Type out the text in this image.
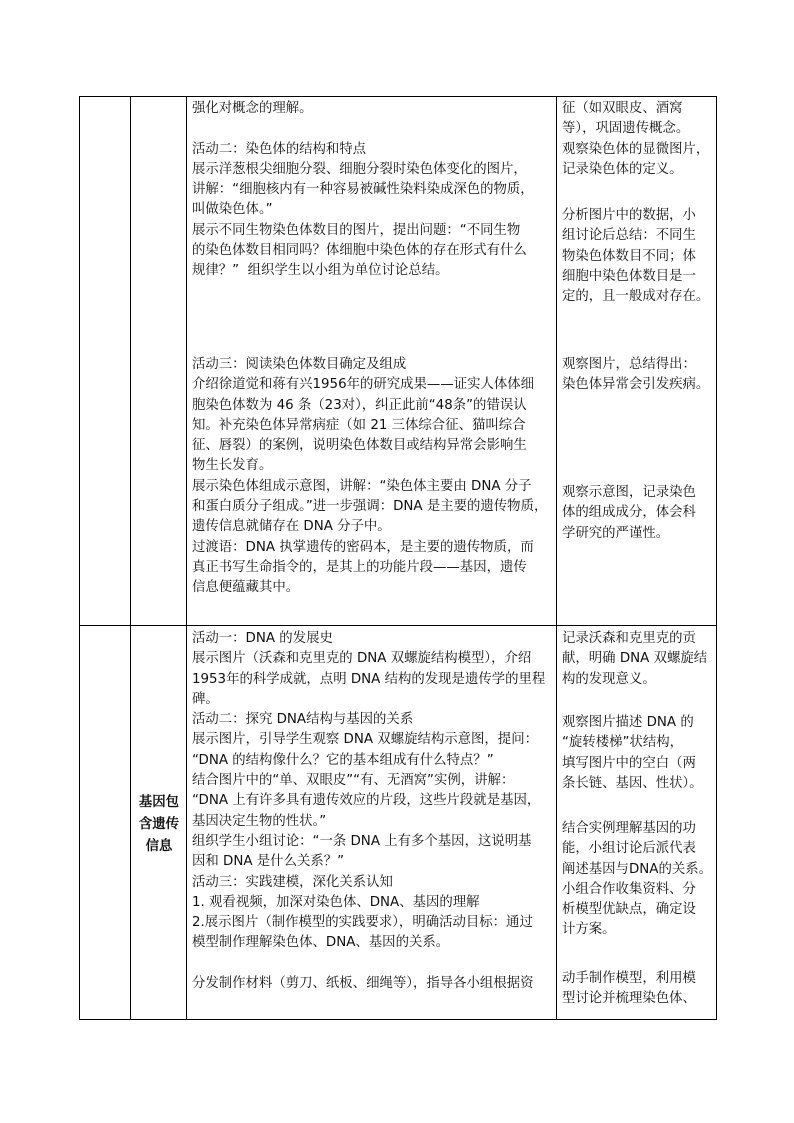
强化对概念的理解。

活动二：染色体的结构和特点

展示洋葱根尖细胞分裂、细胞分裂时染色体变化的图片，

讲解：“细胞核内有一种容易被碱性染料染成深色的物质，

叫做染色体。”

展示不同生物染色体数目的图片，提出问题：“不同生物

的染色体数目相同吗？体细胞中染色体的存在形式有什么

规律？”  组织学生以小组为单位讨论总结。

活动三：阅读染色体数目确定及组成

介绍徐道觉和蒋有兴1956年的研究成果——证实人体体细

胞染色体数为 46 条（23对），纠正此前“48条”的错误认

知。补充染色体异常病症（如 21 三体综合征、猫叫综合

征、唇裂）的案例，说明染色体数目或结构异常会影响生

物生长发育。

展示染色体组成示意图，讲解：“染色体主要由 DNA 分子

和蛋白质分子组成。”进一步强调：DNA 是主要的遗传物质，

遗传信息就储存在 DNA 分子中。

过渡语：DNA 执掌遗传的密码本，是主要的遗传物质，而

真正书写生命指令的，是其上的功能片段——基因，遗传

信息便蕴藏其中。

征（如双眼皮、酒窝

等），巩固遗传概念。

观察染色体的显微图片，

记录染色体的定义。

分析图片中的数据，小

组讨论后总结：不同生

物染色体数目不同；体

细胞中染色体数目是一

定的，且一般成对存在。

观察图片，总结得出：

染色体异常会引发疾病。

观察示意图，记录染色

体的组成成分，体会科

学研究的严谨性。

基因包
含遗传
信息

活动一：DNA 的发展史

展示图片（沃森和克里克的 DNA 双螺旋结构模型），介绍

1953年的科学成就，点明 DNA 结构的发现是遗传学的里程

碑。

活动二：探究 DNA结构与基因的关系

展示图片，引导学生观察 DNA 双螺旋结构示意图，提问：

“DNA 的结构像什么？它的基本组成有什么特点？”

结合图片中的“单、双眼皮”“有、无酒窝”实例，讲解：

“DNA 上有许多具有遗传效应的片段，这些片段就是基因，

基因决定生物的性状。”

组织学生小组讨论：“一条 DNA 上有多个基因，这说明基

因和 DNA 是什么关系？”

活动三：实践建模，深化关系认知

1. 观看视频，加深对染色体、DNA、基因的理解

2.展示图片（制作模型的实践要求），明确活动目标：通过

模型制作理解染色体、DNA、基因的关系。

分发制作材料（剪刀、纸板、细绳等），指导各小组根据资

记录沃森和克里克的贡

献，明确 DNA 双螺旋结

构的发现意义。

观察图片描述 DNA 的

“旋转楼梯”状结构，

填写图片中的空白（两

条长链、基因、性状）。

结合实例理解基因的功

能，小组讨论后派代表

阐述基因与DNA的关系。

小组合作收集资料、分

析模型优缺点，确定设

计方案。

动手制作模型，利用模

型讨论并梳理染色体、
